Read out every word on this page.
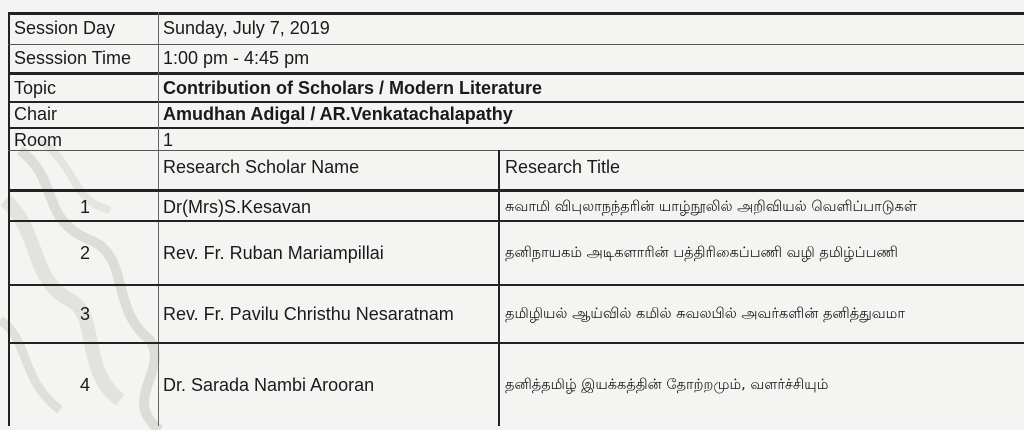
Session Day	Sunday, July 7, 2019
Sesssion Time 1:00 pm - 4:45 pm
Topic	Contribution of Scholars / Modern Literature
Chair	Amudhan Adigal / AR.Venkatachalapathy
Room	1
Research Scholar Name	Research Title
1	Dr(Mrs)S.Kesavan	சுவாமி விபுலாநந்தரின் யாழ்நூலில் அறிவியல் வெளிப்பாடுகள்
2	Rev. Fr. Ruban Mariampillai	தனிநாயகம் அடிகளாரின் பத்திரிகைப்பணி வழி தமிழ்ப்பணி
3	Rev. Fr. Pavilu Christhu Nesaratnam	தமிழியல் ஆய்வில் கமில் சுவலபில் அவர்களின் தனித்துவமா
4	Dr. Sarada Nambi Arooran	தனித்தமிழ் இயக்கத்தின் தோற்றமும், வளர்ச்சியும்
